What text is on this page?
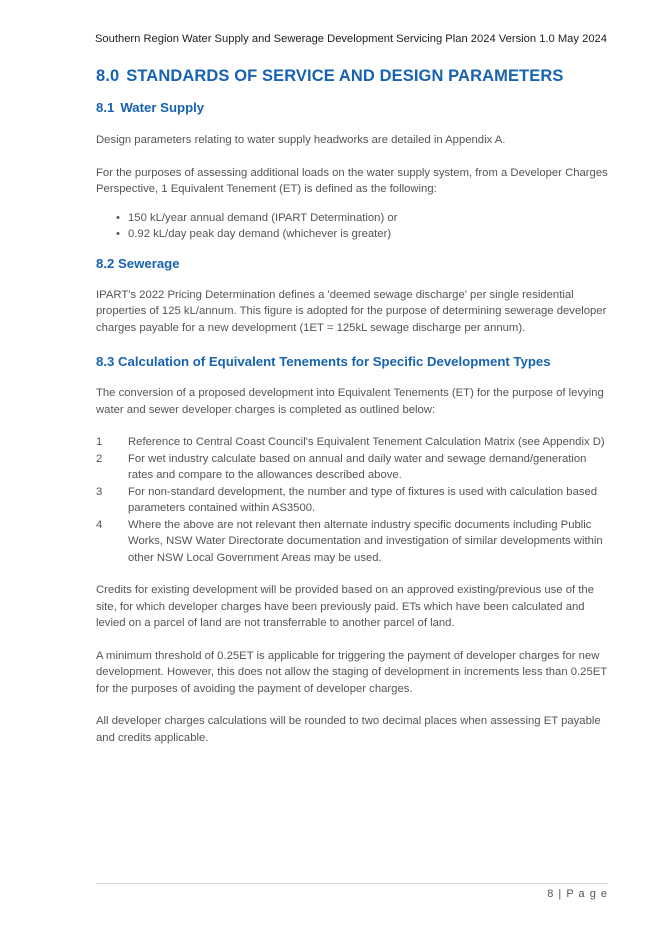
Southern Region Water Supply and Sewerage Development Servicing Plan 2024 Version 1.0 May 2024
8.0 STANDARDS OF SERVICE AND DESIGN PARAMETERS
8.1 Water Supply

Design parameters relating to water supply headworks are detailed in Appendix A.

For the purposes of assessing additional loads on the water supply system, from a Developer Charges Perspective, 1 Equivalent Tenement (ET) is defined as the following:

• 150 kL/year annual demand (IPART Determination) or
• 0.92 kL/day peak day demand (whichever is greater)
8.2 Sewerage

IPART's 2022 Pricing Determination defines a 'deemed sewage discharge' per single residential properties of 125 kL/annum. This figure is adopted for the purpose of determining sewerage developer charges payable for a new development (1ET = 125kL sewage discharge per annum).

8.3 Calculation of Equivalent Tenements for Specific Development Types

The conversion of a proposed development into Equivalent Tenements (ET) for the purpose of levying water and sewer developer charges is completed as outlined below:

1 Reference to Central Coast Council's Equivalent Tenement Calculation Matrix (see Appendix D)
2 For wet industry calculate based on annual and daily water and sewage demand/generation rates and compare to the allowances described above.
3 For non-standard development, the number and type of fixtures is used with calculation based parameters contained within AS3500.
4 Where the above are not relevant then alternate industry specific documents including Public Works, NSW Water Directorate documentation and investigation of similar developments within other NSW Local Government Areas may be used.

Credits for existing development will be provided based on an approved existing/previous use of the site, for which developer charges have been previously paid. ETs which have been calculated and levied on a parcel of land are not transferrable to another parcel of land.

A minimum threshold of 0.25ET is applicable for triggering the payment of developer charges for new development. However, this does not allow the staging of development in increments less than 0.25ET for the purposes of avoiding the payment of developer charges.

All developer charges calculations will be rounded to two decimal places when assessing ET payable and credits applicable.

8 | P a g e
